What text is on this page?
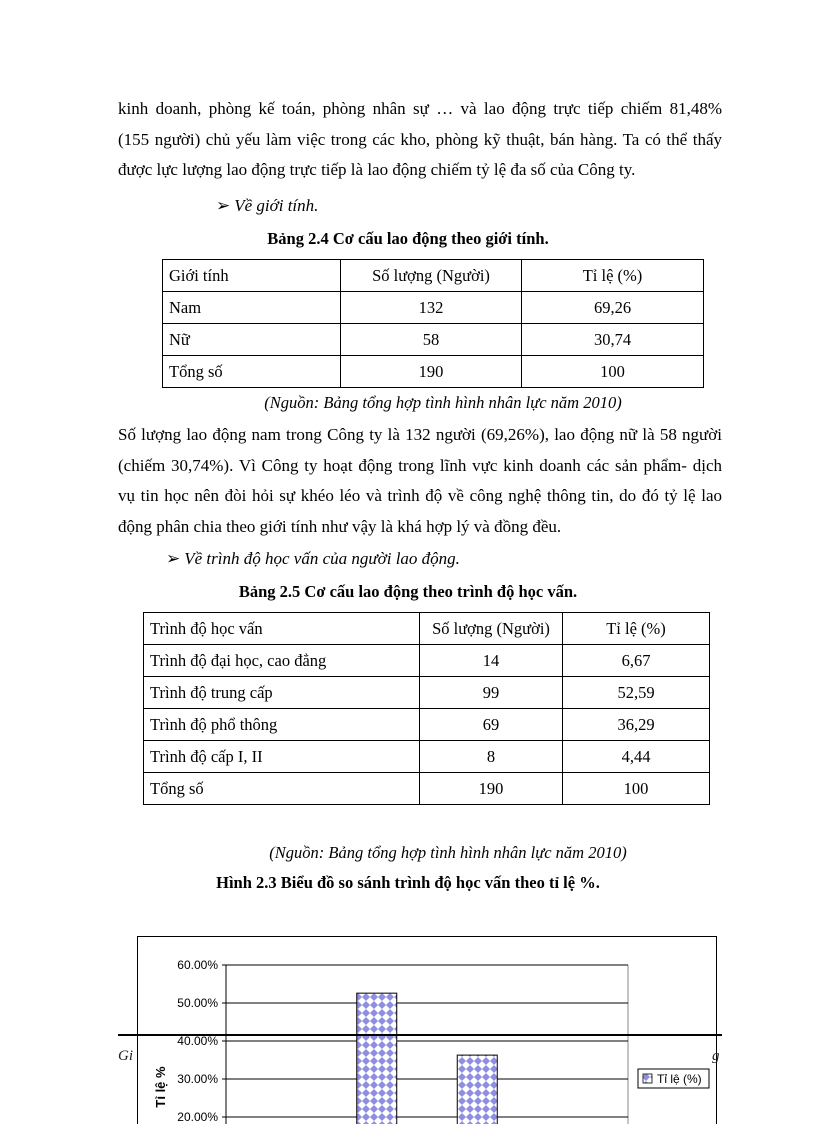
kinh doanh, phòng kế toán, phòng nhân sự … và lao động trực tiếp chiếm 81,48%
(155 người) chủ yếu làm việc trong các kho, phòng kỹ thuật, bán hàng. Ta có thể thấy
được lực lượng lao động trực tiếp là lao động chiếm tỷ lệ đa số của Công ty.
➢ Về giới tính.
Bảng 2.4 Cơ cấu lao động theo giới tính.
Giới tính	Số lượng (Người)	Tỉ lệ (%)
Nam	132	69,26
Nữ	58	30,74
Tổng số	190	100
(Nguồn: Bảng tổng hợp tình hình nhân lực năm 2010)
Số lượng lao động nam trong Công ty là 132 người (69,26%), lao động nữ là 58 người
(chiếm 30,74%). Vì Công ty hoạt động trong lĩnh vực kinh doanh các sản phẩm- dịch
vụ tin học nên đòi hỏi sự khéo léo và trình độ về công nghệ thông tin, do đó tỷ lệ lao
động phân chia theo giới tính như vậy là khá hợp lý và đồng đều.
➢ Về trình độ học vấn của người lao động.
Bảng 2.5 Cơ cấu lao động theo trình độ học vấn.
Trình độ học vấn	Số lượng (Người)	Tỉ lệ (%)
Trình độ đại học, cao đẳng	14	6,67
Trình độ trung cấp	99	52,59
Trình độ phổ thông	69	36,29
Trình độ cấp I, II	8	4,44
Tổng số	190	100
(Nguồn: Bảng tổng hợp tình hình nhân lực năm 2010)
Hình 2.3 Biểu đồ so sánh trình độ học vấn theo tỉ lệ %.
60.00%
50.00%
40.00%
30.00%
20.00%
Tỉ lệ (%)
Tỉ lệ %
Gi	g
